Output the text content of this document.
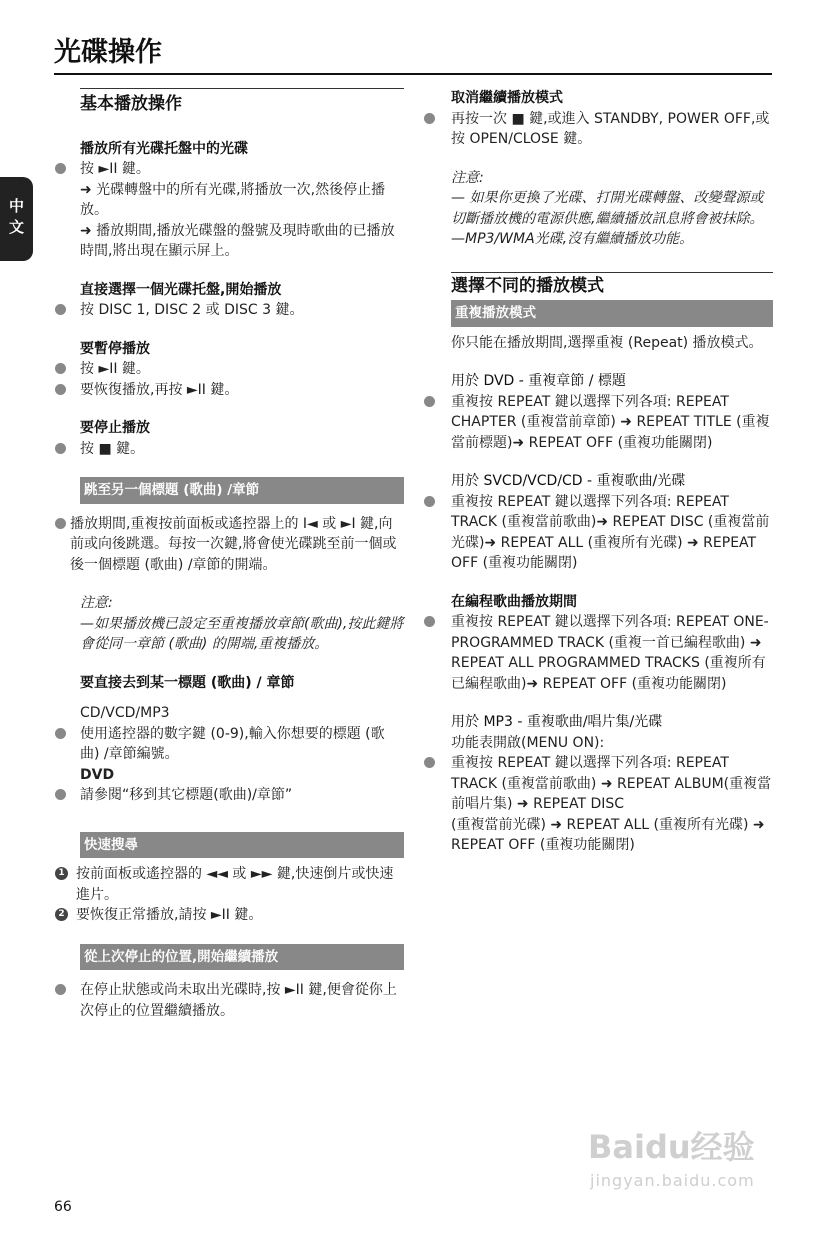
光碟操作
中文
基本播放操作
播放所有光碟托盤中的光碟
按 ►II 鍵。
➜ 光碟轉盤中的所有光碟,將播放一次,然後停止播放。
➜ 播放期間,播放光碟盤的盤號及現時歌曲的已播放時間,將出現在顯示屏上。
直接選擇一個光碟托盤,開始播放
按 DISC 1, DISC 2 或 DISC 3 鍵。
要暫停播放
按 ►II 鍵。
要恢復播放,再按 ►II 鍵。
要停止播放
按 ■ 鍵。
跳至另一個標題 (歌曲) /章節
播放期間,重複按前面板或遙控器上的 I◄ 或 ►I 鍵,向前或向後跳選。每按一次鍵,將會使光碟跳至前一個或後一個標題 (歌曲) /章節的開端。
注意:
—如果播放機已設定至重複播放章節(歌曲),按此鍵將會從同一章節 (歌曲) 的開端,重複播放。
要直接去到某一標題 (歌曲) / 章節
CD/VCD/MP3
使用遙控器的數字鍵 (0-9),輸入你想要的標題 (歌曲) /章節編號。
DVD
請參閱“移到其它標題(歌曲)/章節”
快速搜尋
1 按前面板或遙控器的 ◄◄ 或 ►► 鍵,快速倒片或快速進片。
2 要恢復正常播放,請按 ►II 鍵。
從上次停止的位置,開始繼續播放
在停止狀態或尚未取出光碟時,按 ►II 鍵,便會從你上次停止的位置繼續播放。
取消繼續播放模式
再按一次 ■ 鍵,或進入 STANDBY, POWER OFF,或按 OPEN/CLOSE 鍵。
注意:
— 如果你更換了光碟、打開光碟轉盤、改變聲源或切斷播放機的電源供應,繼續播放訊息將會被抹除。
—MP3/WMA光碟,沒有繼續播放功能。
選擇不同的播放模式
重複播放模式
你只能在播放期間,選擇重複 (Repeat) 播放模式。
用於 DVD - 重複章節 / 標題
重複按 REPEAT 鍵以選擇下列各項: REPEAT CHAPTER (重複當前章節) ➜ REPEAT TITLE (重複當前標題)➜ REPEAT OFF (重複功能關閉)
用於 SVCD/VCD/CD - 重複歌曲/光碟
重複按 REPEAT 鍵以選擇下列各項: REPEAT TRACK (重複當前歌曲)➜ REPEAT DISC (重複當前光碟)➜ REPEAT ALL (重複所有光碟) ➜ REPEAT OFF (重複功能關閉)
在編程歌曲播放期間
重複按 REPEAT 鍵以選擇下列各項: REPEAT ONE-PROGRAMMED TRACK (重複一首已編程歌曲) ➜ REPEAT ALL PROGRAMMED TRACKS (重複所有已編程歌曲)➜ REPEAT OFF (重複功能關閉)
用於 MP3 - 重複歌曲/唱片集/光碟
功能表開啟(MENU ON):
重複按 REPEAT 鍵以選擇下列各項: REPEAT TRACK (重複當前歌曲) ➜ REPEAT ALBUM(重複當前唱片集) ➜ REPEAT DISC
(重複當前光碟) ➜ REPEAT ALL (重複所有光碟) ➜ REPEAT OFF (重複功能關閉)
Baidu经验
jingyan.baidu.com
66
